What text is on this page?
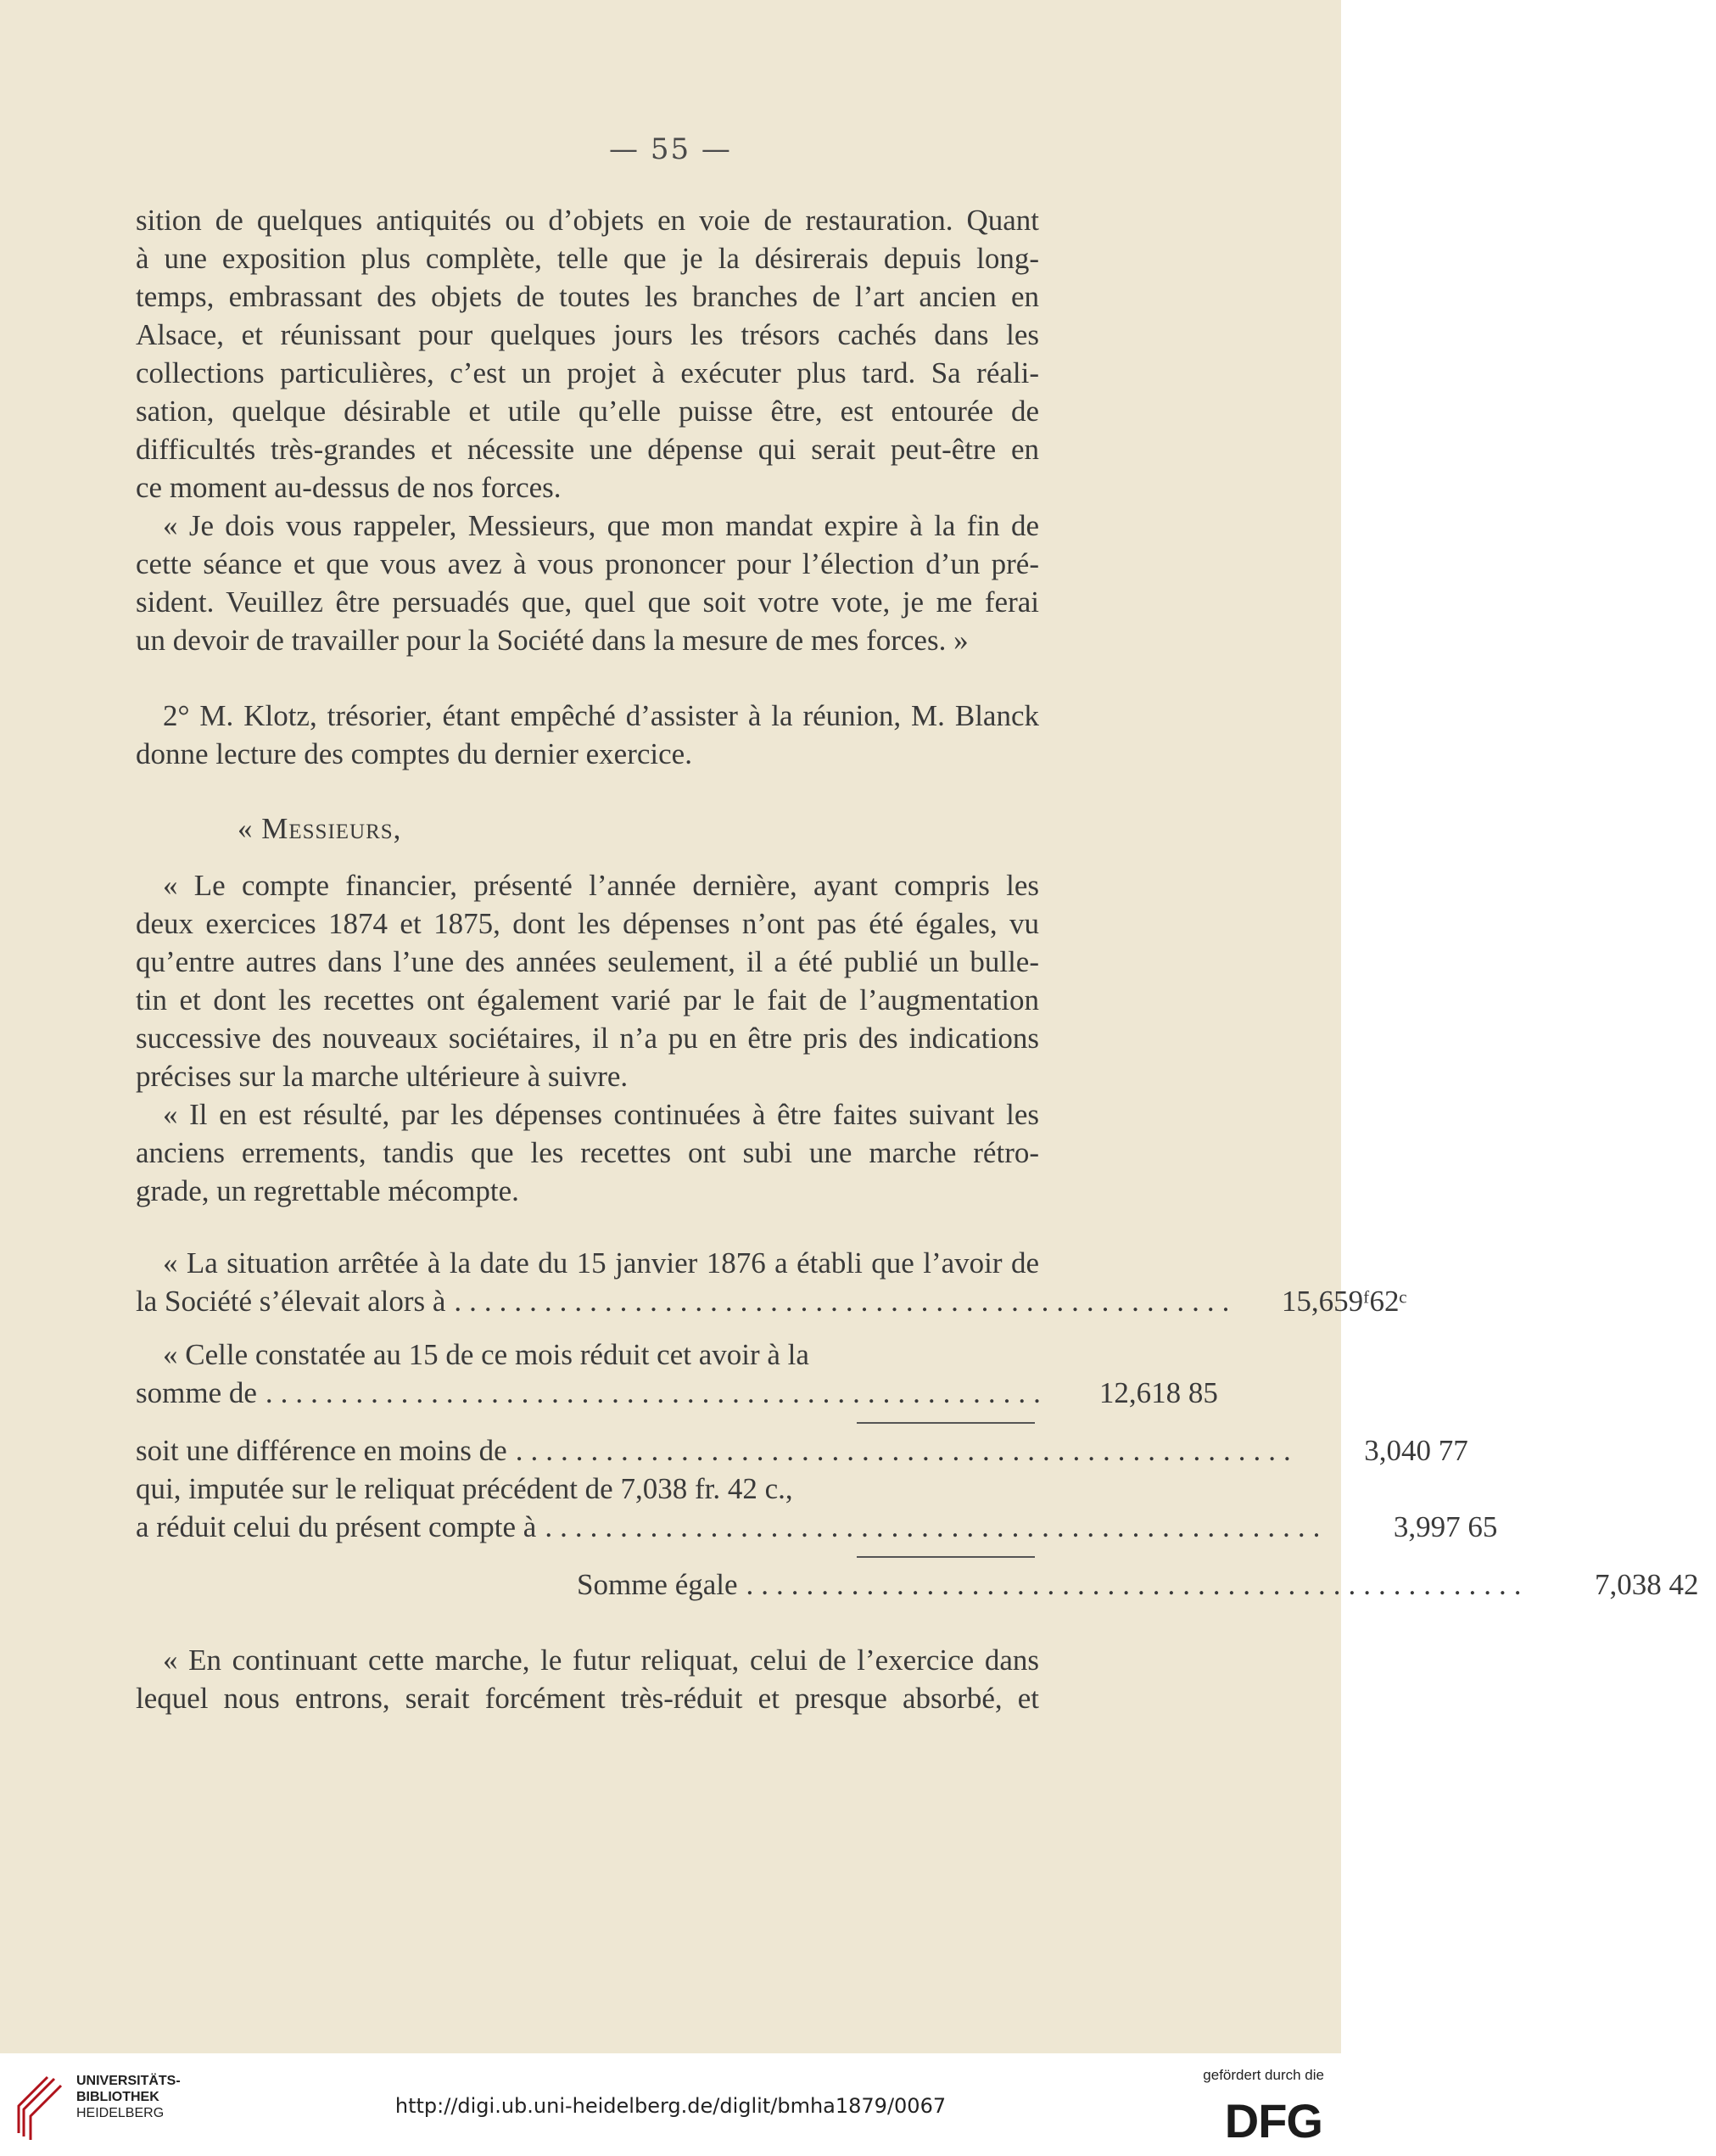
— 55 —
sition de quelques antiquités ou d’objets en voie de restauration. Quant
à une exposition plus complète, telle que je la désirerais depuis long-
temps, embrassant des objets de toutes les branches de l’art ancien en
Alsace, et réunissant pour quelques jours les trésors cachés dans les
collections particulières, c’est un projet à exécuter plus tard. Sa réali-
sation, quelque désirable et utile qu’elle puisse être, est entourée de
difficultés très-grandes et nécessite une dépense qui serait peut-être en
ce moment au-dessus de nos forces.
« Je dois vous rappeler, Messieurs, que mon mandat expire à la fin de
cette séance et que vous avez à vous prononcer pour l’élection d’un pré-
sident. Veuillez être persuadés que, quel que soit votre vote, je me ferai
un devoir de travailler pour la Société dans la mesure de mes forces. »
2° M. Klotz, trésorier, étant empêché d’assister à la réunion, M. Blanck
donne lecture des comptes du dernier exercice.
« Messieurs,
« Le compte financier, présenté l’année dernière, ayant compris les
deux exercices 1874 et 1875, dont les dépenses n’ont pas été égales, vu
qu’entre autres dans l’une des années seulement, il a été publié un bulle-
tin et dont les recettes ont également varié par le fait de l’augmentation
successive des nouveaux sociétaires, il n’a pu en être pris des indications
précises sur la marche ultérieure à suivre.
« Il en est résulté, par les dépenses continuées à être faites suivant les
anciens errements, tandis que les recettes ont subi une marche rétro-
grade, un regrettable mécompte.
« La situation arrêtée à la date du 15 janvier 1876 a établi que l’avoir de
la Société s’élevait alors à ....................................................	15,659ᶠ62ᶜ
« Celle constatée au 15 de ce mois réduit cet avoir à la
somme de ....................................................	12,618 85
soit une différence en moins de ....................................................	3,040 77
qui, imputée sur le reliquat précédent de 7,038 fr. 42 c.,
a réduit celui du présent compte à ....................................................	3,997 65
Somme égale ....................................................	7,038 42
« En continuant cette marche, le futur reliquat, celui de l’exercice dans
lequel nous entrons, serait forcément très-réduit et presque absorbé, et
UNIVERSITÄTS-
BIBLIOTHEK
HEIDELBERG	http://digi.ub.uni-heidelberg.de/diglit/bmha1879/0067
gefördert durch die
DFG
